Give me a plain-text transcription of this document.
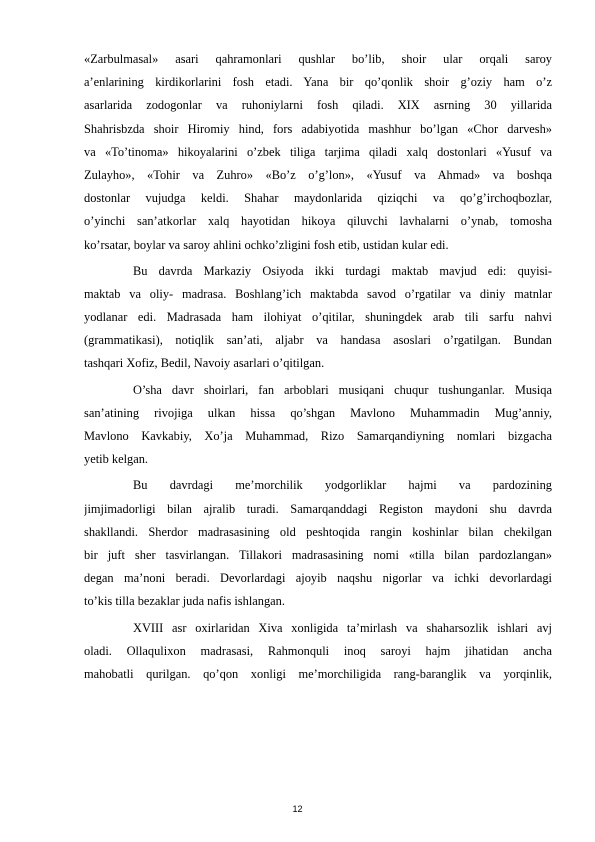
«Zarbulmasal» asari qahramonlari qushlar bo’lib, shoir ular orqali saroy
a’enlarining kirdikorlarini fosh etadi. Yana bir qo’qonlik shoir g’oziy ham o’z
asarlarida zodogonlar va ruhoniylarni fosh qiladi. XIX asrning 30 yillarida
Shahrisbzda shoir Hiromiy hind, fors adabiyotida mashhur bo’lgan «Chor darvesh»
va «To’tinoma» hikoyalarini o’zbek tiliga tarjima qiladi xalq dostonlari «Yusuf va
Zulayho», «Tohir va Zuhro» «Bo’z o’g’lon», «Yusuf va Ahmad» va boshqa
dostonlar vujudga keldi. Shahar maydonlarida qiziqchi va qo’g’irchoqbozlar,
o’yinchi san’atkorlar xalq hayotidan hikoya qiluvchi lavhalarni o’ynab, tomosha
ko’rsatar, boylar va saroy ahlini ochko’zligini fosh etib, ustidan kular edi.
Bu davrda Markaziy Osiyoda ikki turdagi maktab mavjud edi: quyisi-
maktab va oliy- madrasa. Boshlang’ich maktabda savod o’rgatilar va diniy matnlar
yodlanar edi. Madrasada ham ilohiyat o’qitilar, shuningdek arab tili sarfu nahvi
(grammatikasi), notiqlik san’ati, aljabr va handasa asoslari o’rgatilgan. Bundan
tashqari Xofiz, Bedil, Navoiy asarlari o’qitilgan.
O’sha davr shoirlari, fan arboblari musiqani chuqur tushunganlar. Musiqa
san’atining rivojiga ulkan hissa qo’shgan Mavlono Muhammadin Mug’anniy,
Mavlono Kavkabiy, Xo’ja Muhammad, Rizo Samarqandiyning nomlari bizgacha
yetib kelgan.
Bu davrdagi me’morchilik yodgorliklar hajmi va pardozining
jimjimadorligi bilan ajralib turadi. Samarqanddagi Registon maydoni shu davrda
shakllandi. Sherdor madrasasining old peshtoqida rangin koshinlar bilan chekilgan
bir juft sher tasvirlangan. Tillakori madrasasining nomi «tilla bilan pardozlangan»
degan ma’noni beradi. Devorlardagi ajoyib naqshu nigorlar va ichki devorlardagi
to’kis tilla bezaklar juda nafis ishlangan.
XVIII asr oxirlaridan Xiva xonligida ta’mirlash va shaharsozlik ishlari avj
oladi. Ollaqulixon madrasasi, Rahmonquli inoq saroyi hajm jihatidan ancha
mahobatli qurilgan. qo’qon xonligi me’morchiligida rang-baranglik va yorqinlik,
12
